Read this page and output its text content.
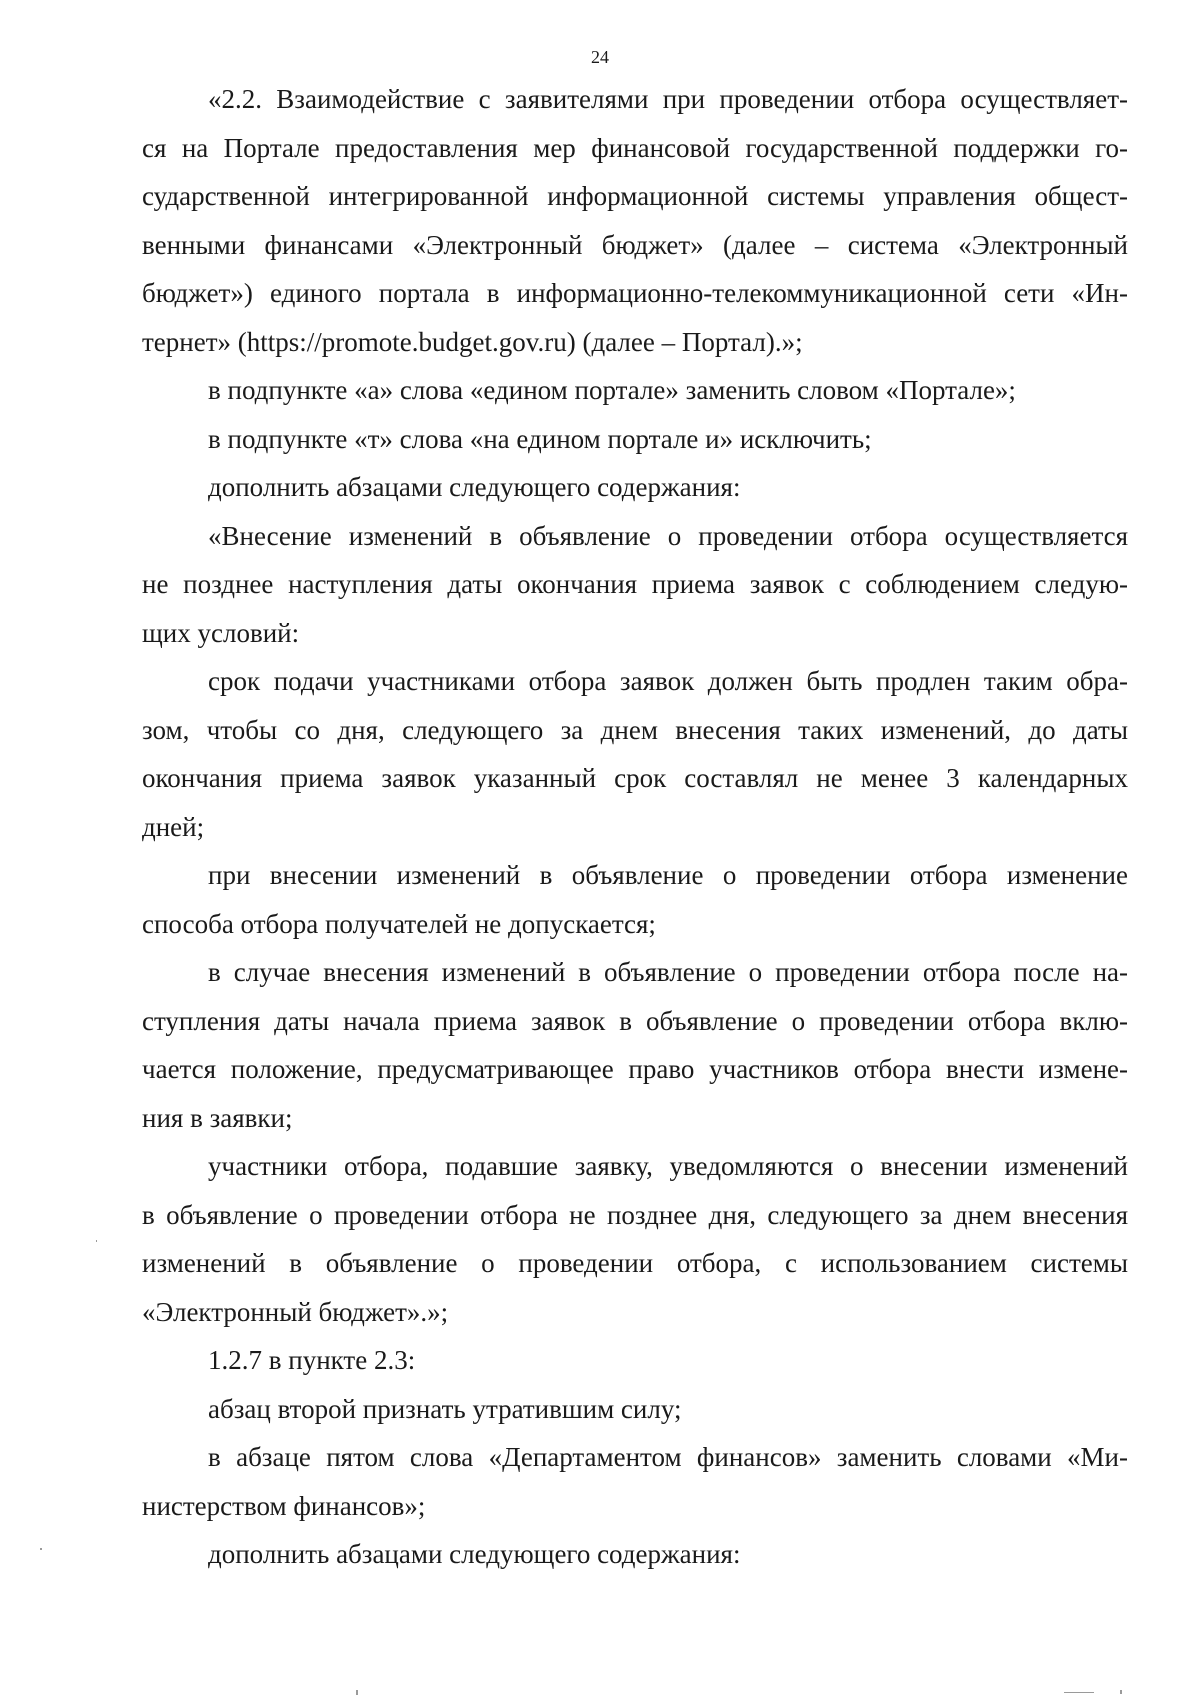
24
«2.2. Взаимодействие с заявителями при проведении отбора осуществляет-
ся на Портале предоставления мер финансовой государственной поддержки го-
сударственной интегрированной информационной системы управления общест-
венными финансами «Электронный бюджет» (далее – система «Электронный
бюджет») единого портала в информационно-телекоммуникационной сети «Ин-
тернет» (https://promote.budget.gov.ru) (далее – Портал).»;
в подпункте «а» слова «едином портале» заменить словом «Портале»;
в подпункте «т» слова «на едином портале и» исключить;
дополнить абзацами следующего содержания:
«Внесение изменений в объявление о проведении отбора осуществляется
не позднее наступления даты окончания приема заявок с соблюдением следую-
щих условий:
срок подачи участниками отбора заявок должен быть продлен таким обра-
зом, чтобы со дня, следующего за днем внесения таких изменений, до даты
окончания приема заявок указанный срок составлял не менее 3 календарных
дней;
при внесении изменений в объявление о проведении отбора изменение
способа отбора получателей не допускается;
в случае внесения изменений в объявление о проведении отбора после на-
ступления даты начала приема заявок в объявление о проведении отбора вклю-
чается положение, предусматривающее право участников отбора внести измене-
ния в заявки;
участники отбора, подавшие заявку, уведомляются о внесении изменений
в объявление о проведении отбора не позднее дня, следующего за днем внесения
изменений в объявление о проведении отбора, с использованием системы
«Электронный бюджет».»;
1.2.7 в пункте 2.3:
абзац второй признать утратившим силу;
в абзаце пятом слова «Департаментом финансов» заменить словами «Ми-
нистерством финансов»;
дополнить абзацами следующего содержания:
